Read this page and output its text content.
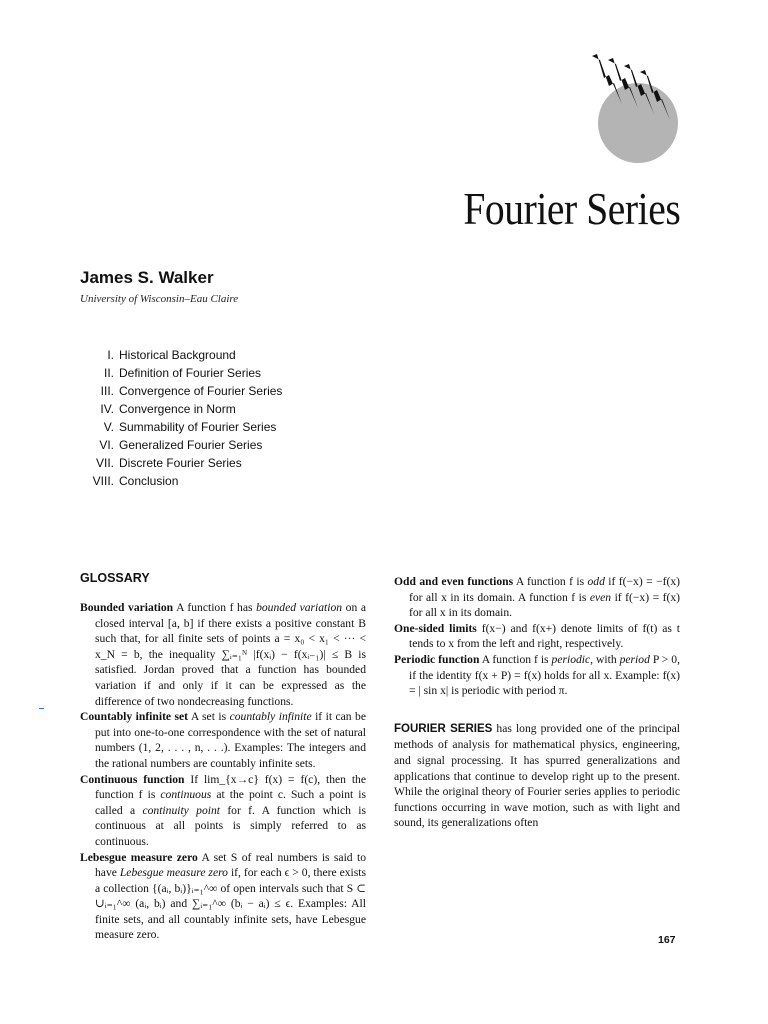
Fourier Series
James S. Walker
University of Wisconsin–Eau Claire
I. Historical Background
II. Definition of Fourier Series
III. Convergence of Fourier Series
IV. Convergence in Norm
V. Summability of Fourier Series
VI. Generalized Fourier Series
VII. Discrete Fourier Series
VIII. Conclusion
GLOSSARY

Bounded variation A function f has bounded variation on a closed interval [a, b] if there exists a positive constant B such that, for all finite sets of points a = x₀ < x₁ < ··· < x_N = b, the inequality ∑ᵢ₌₁ᴺ |f(xᵢ) − f(xᵢ₋₁)| ≤ B is satisfied. Jordan proved that a function has bounded variation if and only if it can be expressed as the difference of two nondecreasing functions.

Countably infinite set A set is countably infinite if it can be put into one-to-one correspondence with the set of natural numbers (1, 2, . . . , n, . . .). Examples: The integers and the rational numbers are countably infinite sets.

Continuous function If lim_{x→c} f(x) = f(c), then the function f is continuous at the point c. Such a point is called a continuity point for f. A function which is continuous at all points is simply referred to as continuous.

Lebesgue measure zero A set S of real numbers is said to have Lebesgue measure zero if, for each ϵ > 0, there exists a collection {(aᵢ, bᵢ)}ᵢ₌₁^∞ of open intervals such that S ⊂ ∪ᵢ₌₁^∞ (aᵢ, bᵢ) and ∑ᵢ₌₁^∞ (bᵢ − aᵢ) ≤ ϵ. Examples: All finite sets, and all countably infinite sets, have Lebesgue measure zero.

Odd and even functions A function f is odd if f(−x) = −f(x) for all x in its domain. A function f is even if f(−x) = f(x) for all x in its domain.

One-sided limits f(x−) and f(x+) denote limits of f(t) as t tends to x from the left and right, respectively.

Periodic function A function f is periodic, with period P > 0, if the identity f(x + P) = f(x) holds for all x. Example: f(x) = | sin x| is periodic with period π.

FOURIER SERIES has long provided one of the principal methods of analysis for mathematical physics, engineering, and signal processing. It has spurred generalizations and applications that continue to develop right up to the present. While the original theory of Fourier series applies to periodic functions occurring in wave motion, such as with light and sound, its generalizations often

167
